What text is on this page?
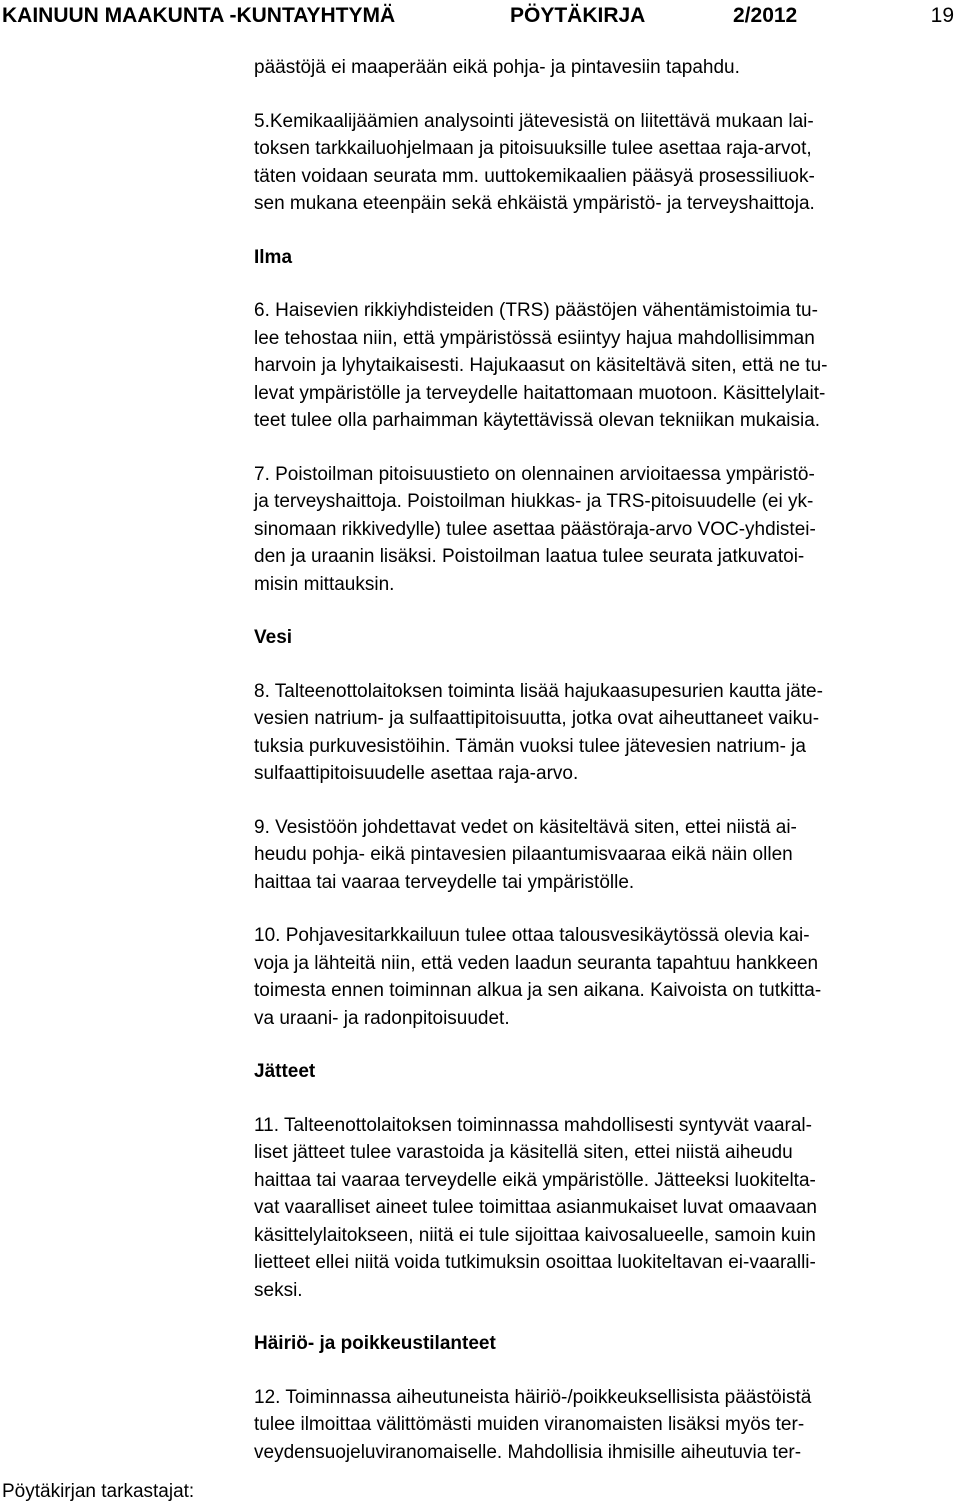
KAINUUN MAAKUNTA -KUNTAYHTYMÄ	PÖYTÄKIRJA	2/2012	19

päästöjä ei maaperään eikä pohja- ja pintavesiin tapahdu.

5.Kemikaalijäämien analysointi jätevesistä on liitettävä mukaan lai-

toksen tarkkailuohjelmaan ja pitoisuuksille tulee asettaa raja-arvot,

täten voidaan seurata mm. uuttokemikaalien pääsyä prosessiliuok-

sen mukana eteenpäin sekä ehkäistä ympäristö- ja terveyshaittoja.

Ilma

6. Haisevien rikkiyhdisteiden (TRS) päästöjen vähentämistoimia tu-

lee tehostaa niin, että ympäristössä esiintyy hajua mahdollisimman

harvoin ja lyhytaikaisesti. Hajukaasut on käsiteltävä siten, että ne tu-

levat ympäristölle ja terveydelle haitattomaan muotoon. Käsittelylait-

teet tulee olla parhaimman käytettävissä olevan tekniikan mukaisia.

7. Poistoilman pitoisuustieto on olennainen arvioitaessa ympäristö-

ja terveyshaittoja. Poistoilman hiukkas- ja TRS-pitoisuudelle (ei yk-

sinomaan rikkivedylle) tulee asettaa päästöraja-arvo VOC-yhdistei-

den ja uraanin lisäksi. Poistoilman laatua tulee seurata jatkuvatoi-

misin mittauksin.

Vesi

8. Talteenottolaitoksen toiminta lisää hajukaasupesurien kautta jäte-

vesien natrium- ja sulfaattipitoisuutta, jotka ovat aiheuttaneet vaiku-

tuksia purkuvesistöihin. Tämän vuoksi tulee jätevesien natrium- ja

sulfaattipitoisuudelle asettaa raja-arvo.

9. Vesistöön johdettavat vedet on käsiteltävä siten, ettei niistä ai-

heudu pohja- eikä pintavesien pilaantumisvaaraa eikä näin ollen

haittaa tai vaaraa terveydelle tai ympäristölle.

10. Pohjavesitarkkailuun tulee ottaa talousvesikäytössä olevia kai-

voja ja lähteitä niin, että veden laadun seuranta tapahtuu hankkeen

toimesta ennen toiminnan alkua ja sen aikana. Kaivoista on tutkitta-

va uraani- ja radonpitoisuudet.

Jätteet

11. Talteenottolaitoksen toiminnassa mahdollisesti syntyvät vaaral-

liset jätteet tulee varastoida ja käsitellä siten, ettei niistä aiheudu

haittaa tai vaaraa terveydelle eikä ympäristölle. Jätteeksi luokitelta-

vat vaaralliset aineet tulee toimittaa asianmukaiset luvat omaavaan

käsittelylaitokseen, niitä ei tule sijoittaa kaivosalueelle, samoin kuin

lietteet ellei niitä voida tutkimuksin osoittaa luokiteltavan ei-vaaralli-

seksi.

Häiriö- ja poikkeustilanteet

12. Toiminnassa aiheutuneista häiriö-/poikkeuksellisista päästöistä

tulee ilmoittaa välittömästi muiden viranomaisten lisäksi myös ter-

veydensuojeluviranomaiselle. Mahdollisia ihmisille aiheutuvia ter-

Pöytäkirjan tarkastajat:
